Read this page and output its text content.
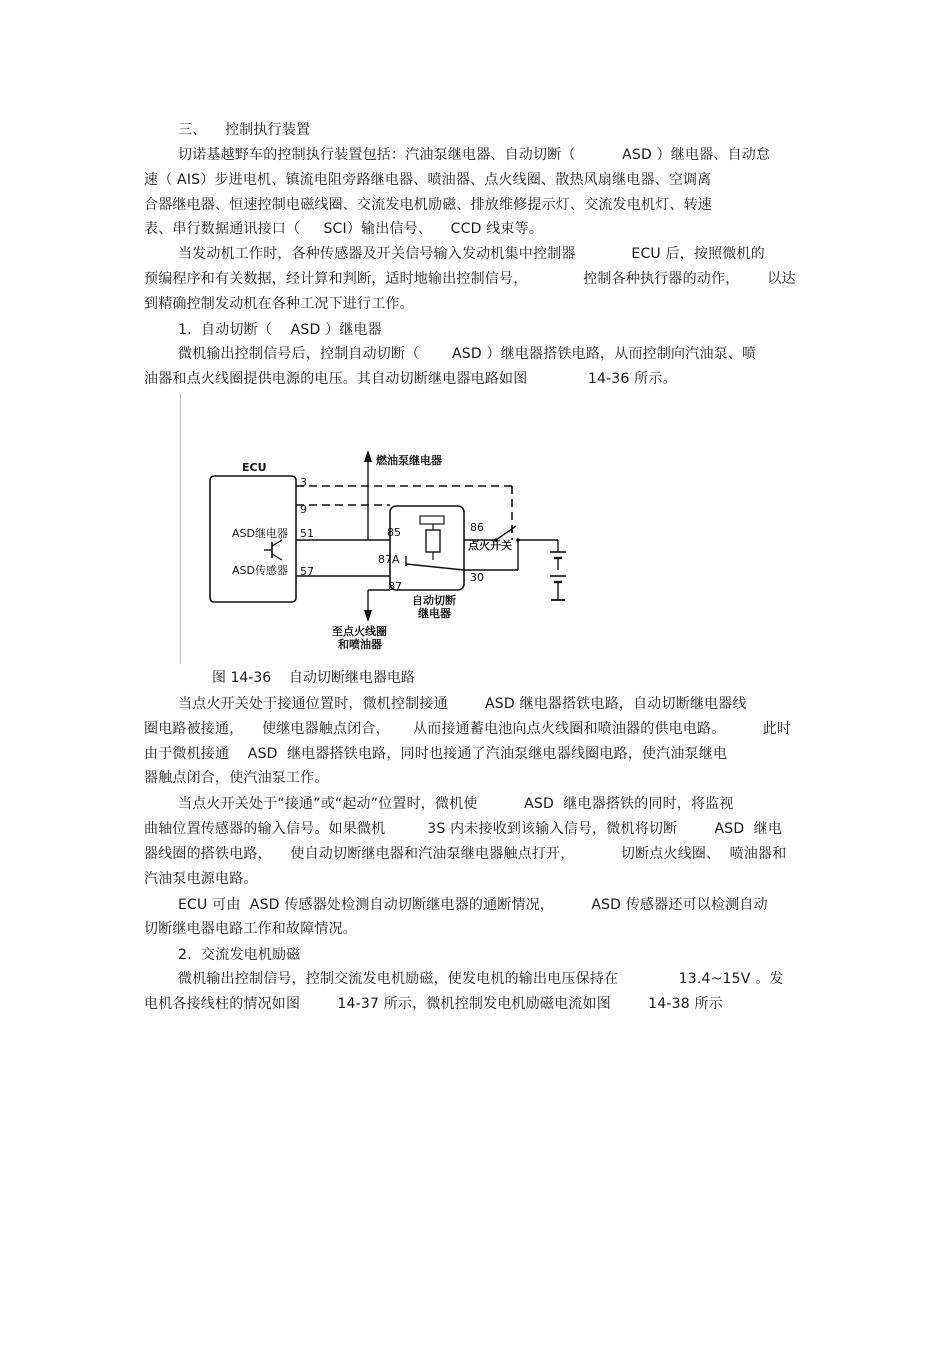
三、    控制执行装置
切诺基越野车的控制执行装置包括：汽油泵继电器、自动切断（          ASD ）继电器、自动怠
速（ AIS）步进电机、镇流电阻旁路继电器、喷油器、点火线圈、散热风扇继电器、空调离
合器继电器、恒速控制电磁线圈、交流发电机励磁、排放维修提示灯、交流发电机灯、转速
表、串行数据通讯接口（     SCI）输出信号、    CCD 线束等。
当发动机工作时，各种传感器及开关信号输入发动机集中控制器            ECU 后，按照微机的
预编程序和有关数据，经计算和判断，适时地输出控制信号，            控制各种执行器的动作，      以达
到精确控制发动机在各种工况下进行工作。
1.  自动切断（    ASD ）继电器
微机输出控制信号后，控制自动切断（       ASD ）继电器搭铁电路，从而控制向汽油泵、喷
油器和点火线圈提供电源的电压。其自动切断继电器电路如图             14-36 所示。
ECU
3
9
51
57
ASD继电器
ASD传感器
燃油泵继电器
85	86
87A
87
30
点火开关
自动切断
继电器
至点火线圈
和喷油器
图 14-36    自动切断继电器电路
当点火开关处于接通位置时，微机控制接通        ASD 继电器搭铁电路，自动切断继电器线
圈电路被接通，    使继电器触点闭合，     从而接通蓄电池向点火线圈和喷油器的供电电路。        此时
由于微机接通    ASD  继电器搭铁电路，同时也接通了汽油泵继电器线圈电路，使汽油泵继电
器触点闭合，使汽油泵工作。
当点火开关处于“接通”或“起动”位置时，微机使          ASD  继电器搭铁的同时，将监视
曲轴位置传感器的输入信号。如果微机         3S 内未接收到该输入信号，微机将切断        ASD  继电
器线圈的搭铁电路，    使自动切断继电器和汽油泵继电器触点打开，          切断点火线圈、  喷油器和
汽油泵电源电路。
ECU 可由  ASD 传感器处检测自动切断继电器的通断情况，        ASD 传感器还可以检测自动
切断继电器电路工作和故障情况。
2.  交流发电机励磁
微机输出控制信号，控制交流发电机励磁，使发电机的输出电压保持在             13.4~15V 。发
电机各接线柱的情况如图        14-37 所示，微机控制发电机励磁电流如图        14-38 所示
